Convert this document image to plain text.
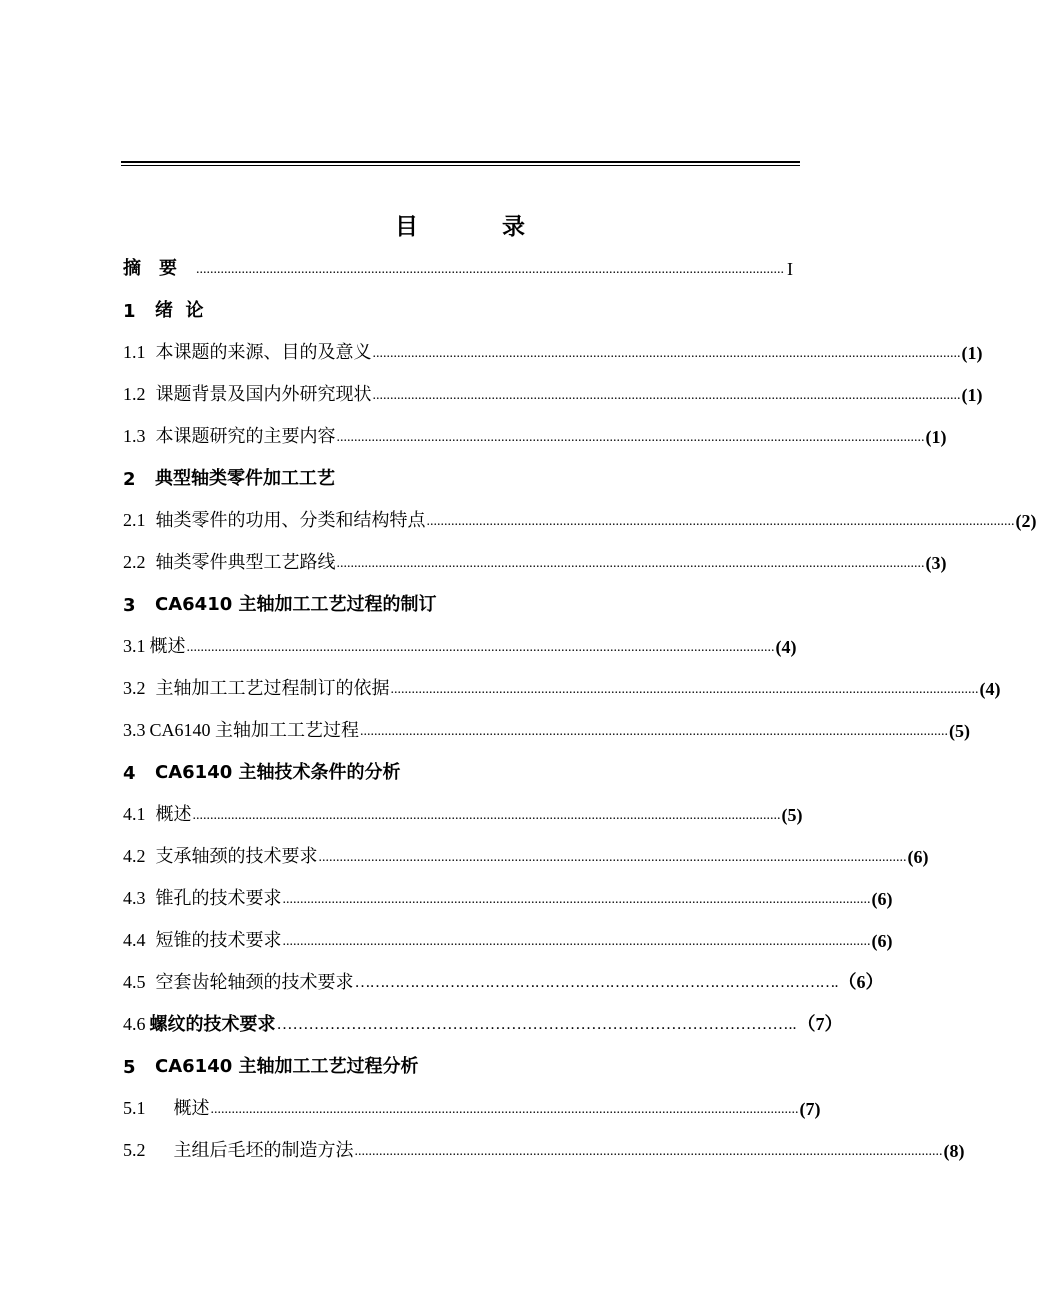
目 录
摘要 ........................................................................................................................................................................ I
1	绪  论
1.1 本课题的来源、目的及意义 ........................................................................................................................................................................ (1)
1.2 课题背景及国内外研究现状 ........................................................................................................................................................................ (1)
1.3 本课题研究的主要内容 ........................................................................................................................................................................ (1)
2	典型轴类零件加工工艺
2.1 轴类零件的功用、分类和结构特点 ........................................................................................................................................................................ (2)
2.2 轴类零件典型工艺路线 ........................................................................................................................................................................ (3)
3	CA6410 主轴加工工艺过程的制订
3.1 概述 ........................................................................................................................................................................ (4)
3.2 主轴加工工艺过程制订的依据 ........................................................................................................................................................................ (4)
3.3 CA6140 主轴加工工艺过程 ........................................................................................................................................................................ (5)
4	CA6140 主轴技术条件的分析
4.1 概述 ........................................................................................................................................................................ (5)
4.2 支承轴颈的技术要求 ........................................................................................................................................................................ (6)
4.3 锥孔的技术要求 ........................................................................................................................................................................ (6)
4.4 短锥的技术要求 ........................................................................................................................................................................ (6)
4.5 空套齿轮轴颈的技术要求 ……………………………………………………………………………………. （6）
4.6 螺纹的技术要求 …………………………………………………………………………………….. （7）
5	CA6140 主轴加工工艺过程分析
5.1 概述 ........................................................................................................................................................................ (7)
5.2 主组后毛坯的制造方法 ........................................................................................................................................................................ (8)
